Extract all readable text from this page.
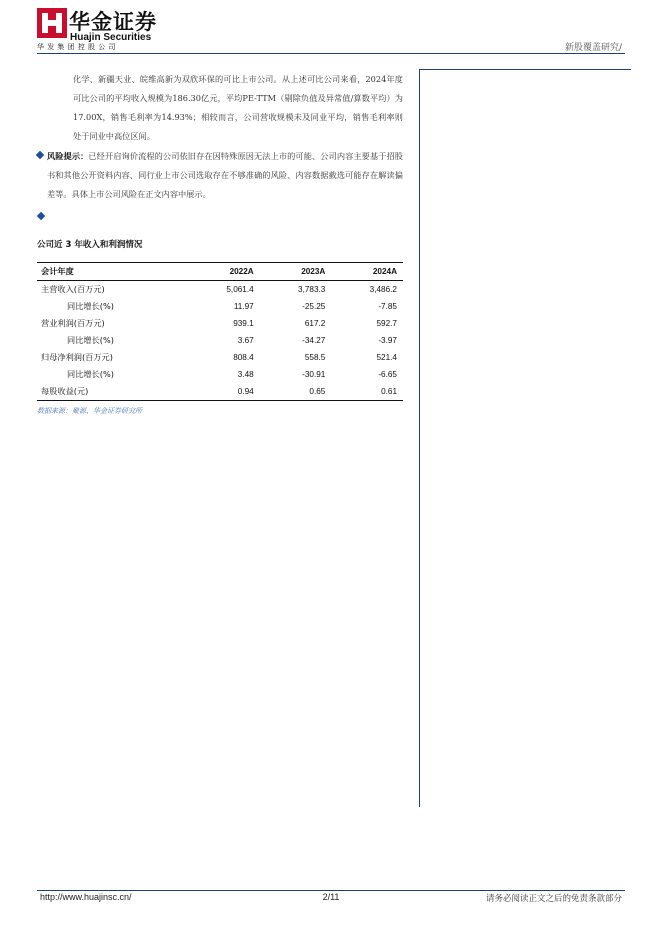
华金证券
Huajin Securities
华发集团控股公司	新股覆盖研究/
化学、新疆天业、皖维高新为双欣环保的可比上市公司。从上述可比公司来看，2024年度可比公司的平均收入规模为186.30亿元，平均PE-TTM（剔除负值及异常值/算数平均）为17.00X，销售毛利率为14.93%；相较而言，公司营收规模未及同业平均，销售毛利率则处于同业中高位区间。
风险提示：已经开启询价流程的公司依旧存在因特殊原因无法上市的可能、公司内容主要基于招股书和其他公开资料内容、同行业上市公司选取存在不够准确的风险、内容数据截选可能存在解读偏差等。具体上市公司风险在正文内容中展示。
公司近 3 年收入和利润情况
会计年度	2022A	2023A	2024A
主营收入(百万元)	5,061.4	3,783.3	3,486.2
同比增长(%)	11.97	-25.25	-7.85
营业利润(百万元)	939.1	617.2	592.7
同比增长(%)	3.67	-34.27	-3.97
归母净利润(百万元)	808.4	558.5	521.4
同比增长(%)	3.48	-30.91	-6.65
每股收益(元)	0.94	0.65	0.61
数据来源：聚源、华金证券研究所
http://www.huajinsc.cn/	2/11	请务必阅读正文之后的免责条款部分
